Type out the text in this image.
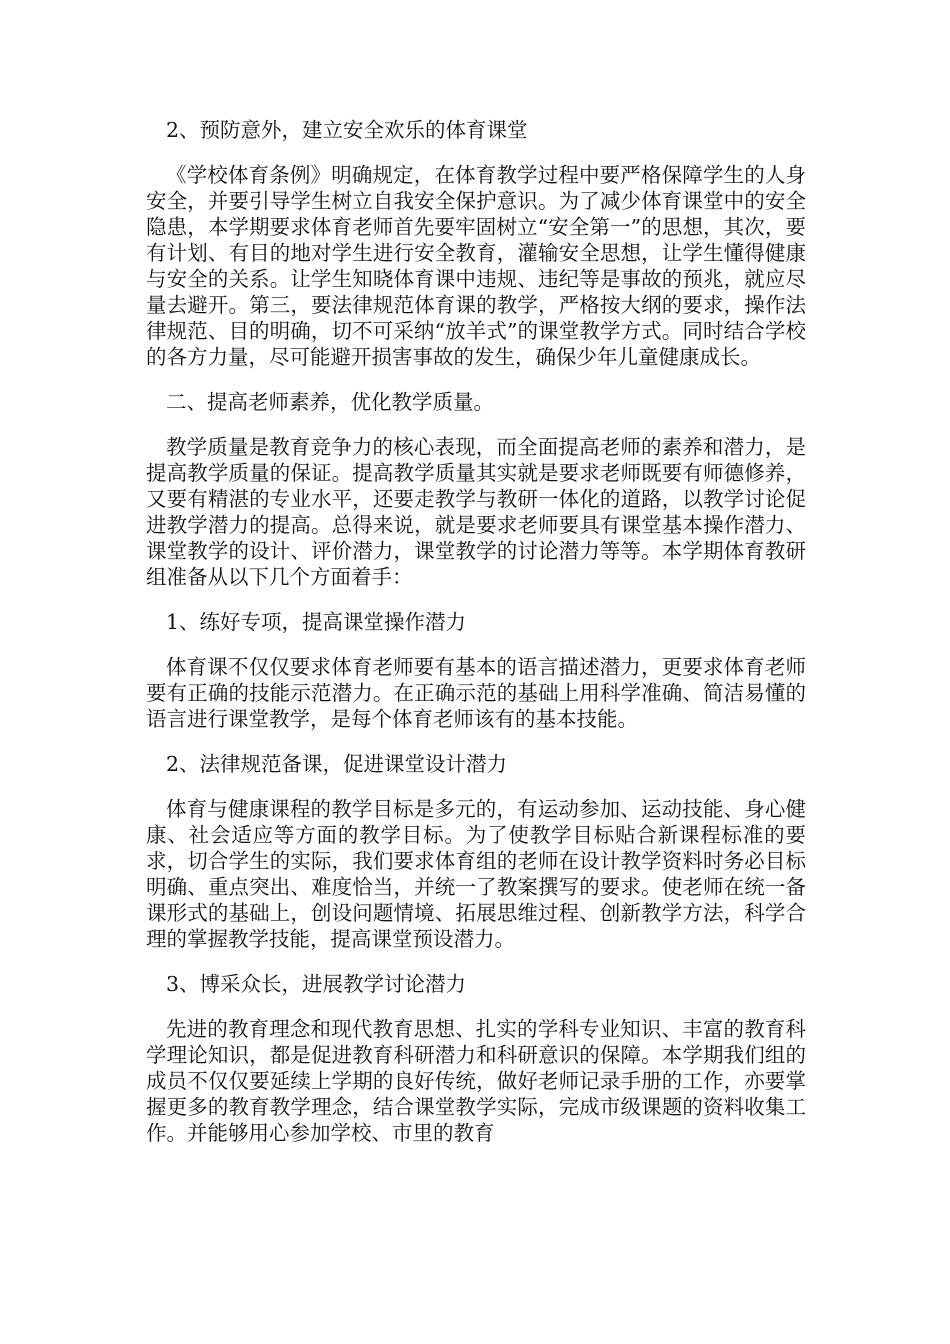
2、预防意外，建立安全欢乐的体育课堂

《学校体育条例》明确规定，在体育教学过程中要严格保障学生的人身安全，并要引导学生树立自我安全保护意识。为了减少体育课堂中的安全隐患，本学期要求体育老师首先要牢固树立“安全第一”的思想，其次，要有计划、有目的地对学生进行安全教育，灌输安全思想，让学生懂得健康与安全的关系。让学生知晓体育课中违规、违纪等是事故的预兆，就应尽量去避开。第三，要法律规范体育课的教学，严格按大纲的要求，操作法律规范、目的明确，切不可采纳“放羊式”的课堂教学方式。同时结合学校的各方力量，尽可能避开损害事故的发生，确保少年儿童健康成长。

二、提高老师素养，优化教学质量。

教学质量是教育竞争力的核心表现，而全面提高老师的素养和潜力，是提高教学质量的保证。提高教学质量其实就是要求老师既要有师德修养，又要有精湛的专业水平，还要走教学与教研一体化的道路，以教学讨论促进教学潜力的提高。总得来说，就是要求老师要具有课堂基本操作潜力、课堂教学的设计、评价潜力，课堂教学的讨论潜力等等。本学期体育教研组准备从以下几个方面着手：

1、练好专项，提高课堂操作潜力

体育课不仅仅要求体育老师要有基本的语言描述潜力，更要求体育老师要有正确的技能示范潜力。在正确示范的基础上用科学准确、简洁易懂的语言进行课堂教学，是每个体育老师该有的基本技能。

2、法律规范备课，促进课堂设计潜力

体育与健康课程的教学目标是多元的，有运动参加、运动技能、身心健康、社会适应等方面的教学目标。为了使教学目标贴合新课程标准的要求，切合学生的实际，我们要求体育组的老师在设计教学资料时务必目标明确、重点突出、难度恰当，并统一了教案撰写的要求。使老师在统一备课形式的基础上，创设问题情境、拓展思维过程、创新教学方法，科学合理的掌握教学技能，提高课堂预设潜力。

3、博采众长，进展教学讨论潜力

先进的教育理念和现代教育思想、扎实的学科专业知识、丰富的教育科学理论知识，都是促进教育科研潜力和科研意识的保障。本学期我们组的成员不仅仅要延续上学期的良好传统，做好老师记录手册的工作，亦要掌握更多的教育教学理念，结合课堂教学实际，完成市级课题的资料收集工作。并能够用心参加学校、市里的教育
